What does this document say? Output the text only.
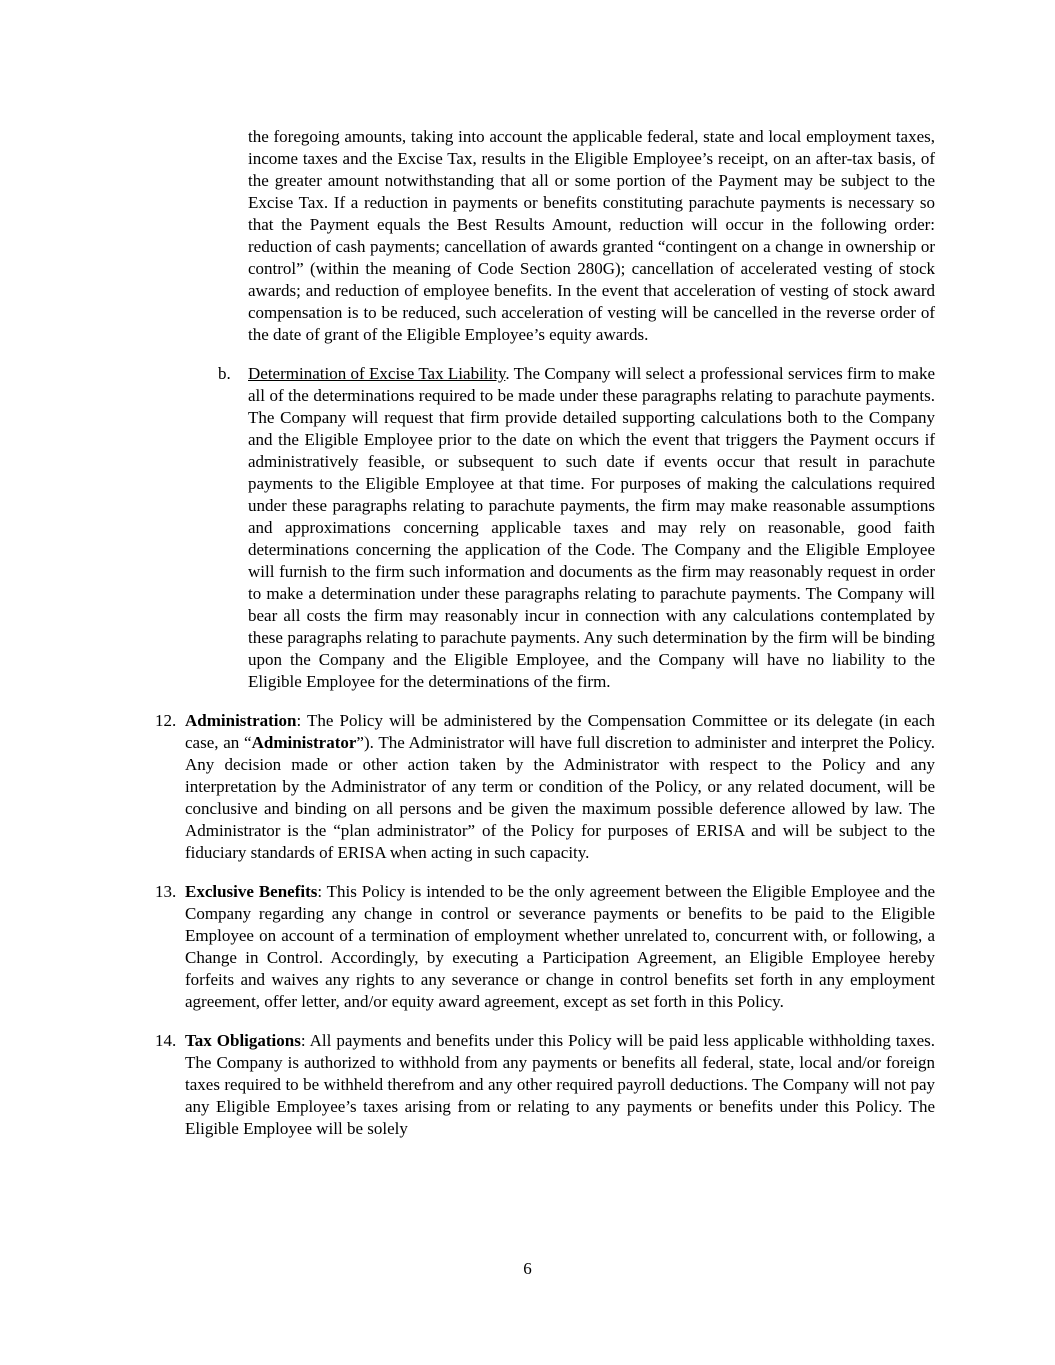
the foregoing amounts, taking into account the applicable federal, state and local employment taxes, income taxes and the Excise Tax, results in the Eligible Employee’s receipt, on an after-tax basis, of the greater amount notwithstanding that all or some portion of the Payment may be subject to the Excise Tax. If a reduction in payments or benefits constituting parachute payments is necessary so that the Payment equals the Best Results Amount, reduction will occur in the following order: reduction of cash payments; cancellation of awards granted “contingent on a change in ownership or control” (within the meaning of Code Section 280G); cancellation of accelerated vesting of stock awards; and reduction of employee benefits. In the event that acceleration of vesting of stock award compensation is to be reduced, such acceleration of vesting will be cancelled in the reverse order of the date of grant of the Eligible Employee’s equity awards.
b. Determination of Excise Tax Liability. The Company will select a professional services firm to make all of the determinations required to be made under these paragraphs relating to parachute payments. The Company will request that firm provide detailed supporting calculations both to the Company and the Eligible Employee prior to the date on which the event that triggers the Payment occurs if administratively feasible, or subsequent to such date if events occur that result in parachute payments to the Eligible Employee at that time. For purposes of making the calculations required under these paragraphs relating to parachute payments, the firm may make reasonable assumptions and approximations concerning applicable taxes and may rely on reasonable, good faith determinations concerning the application of the Code. The Company and the Eligible Employee will furnish to the firm such information and documents as the firm may reasonably request in order to make a determination under these paragraphs relating to parachute payments. The Company will bear all costs the firm may reasonably incur in connection with any calculations contemplated by these paragraphs relating to parachute payments. Any such determination by the firm will be binding upon the Company and the Eligible Employee, and the Company will have no liability to the Eligible Employee for the determinations of the firm.
12. Administration: The Policy will be administered by the Compensation Committee or its delegate (in each case, an “Administrator”). The Administrator will have full discretion to administer and interpret the Policy. Any decision made or other action taken by the Administrator with respect to the Policy and any interpretation by the Administrator of any term or condition of the Policy, or any related document, will be conclusive and binding on all persons and be given the maximum possible deference allowed by law. The Administrator is the “plan administrator” of the Policy for purposes of ERISA and will be subject to the fiduciary standards of ERISA when acting in such capacity.
13. Exclusive Benefits: This Policy is intended to be the only agreement between the Eligible Employee and the Company regarding any change in control or severance payments or benefits to be paid to the Eligible Employee on account of a termination of employment whether unrelated to, concurrent with, or following, a Change in Control. Accordingly, by executing a Participation Agreement, an Eligible Employee hereby forfeits and waives any rights to any severance or change in control benefits set forth in any employment agreement, offer letter, and/or equity award agreement, except as set forth in this Policy.
14. Tax Obligations: All payments and benefits under this Policy will be paid less applicable withholding taxes. The Company is authorized to withhold from any payments or benefits all federal, state, local and/or foreign taxes required to be withheld therefrom and any other required payroll deductions. The Company will not pay any Eligible Employee’s taxes arising from or relating to any payments or benefits under this Policy. The Eligible Employee will be solely
6
